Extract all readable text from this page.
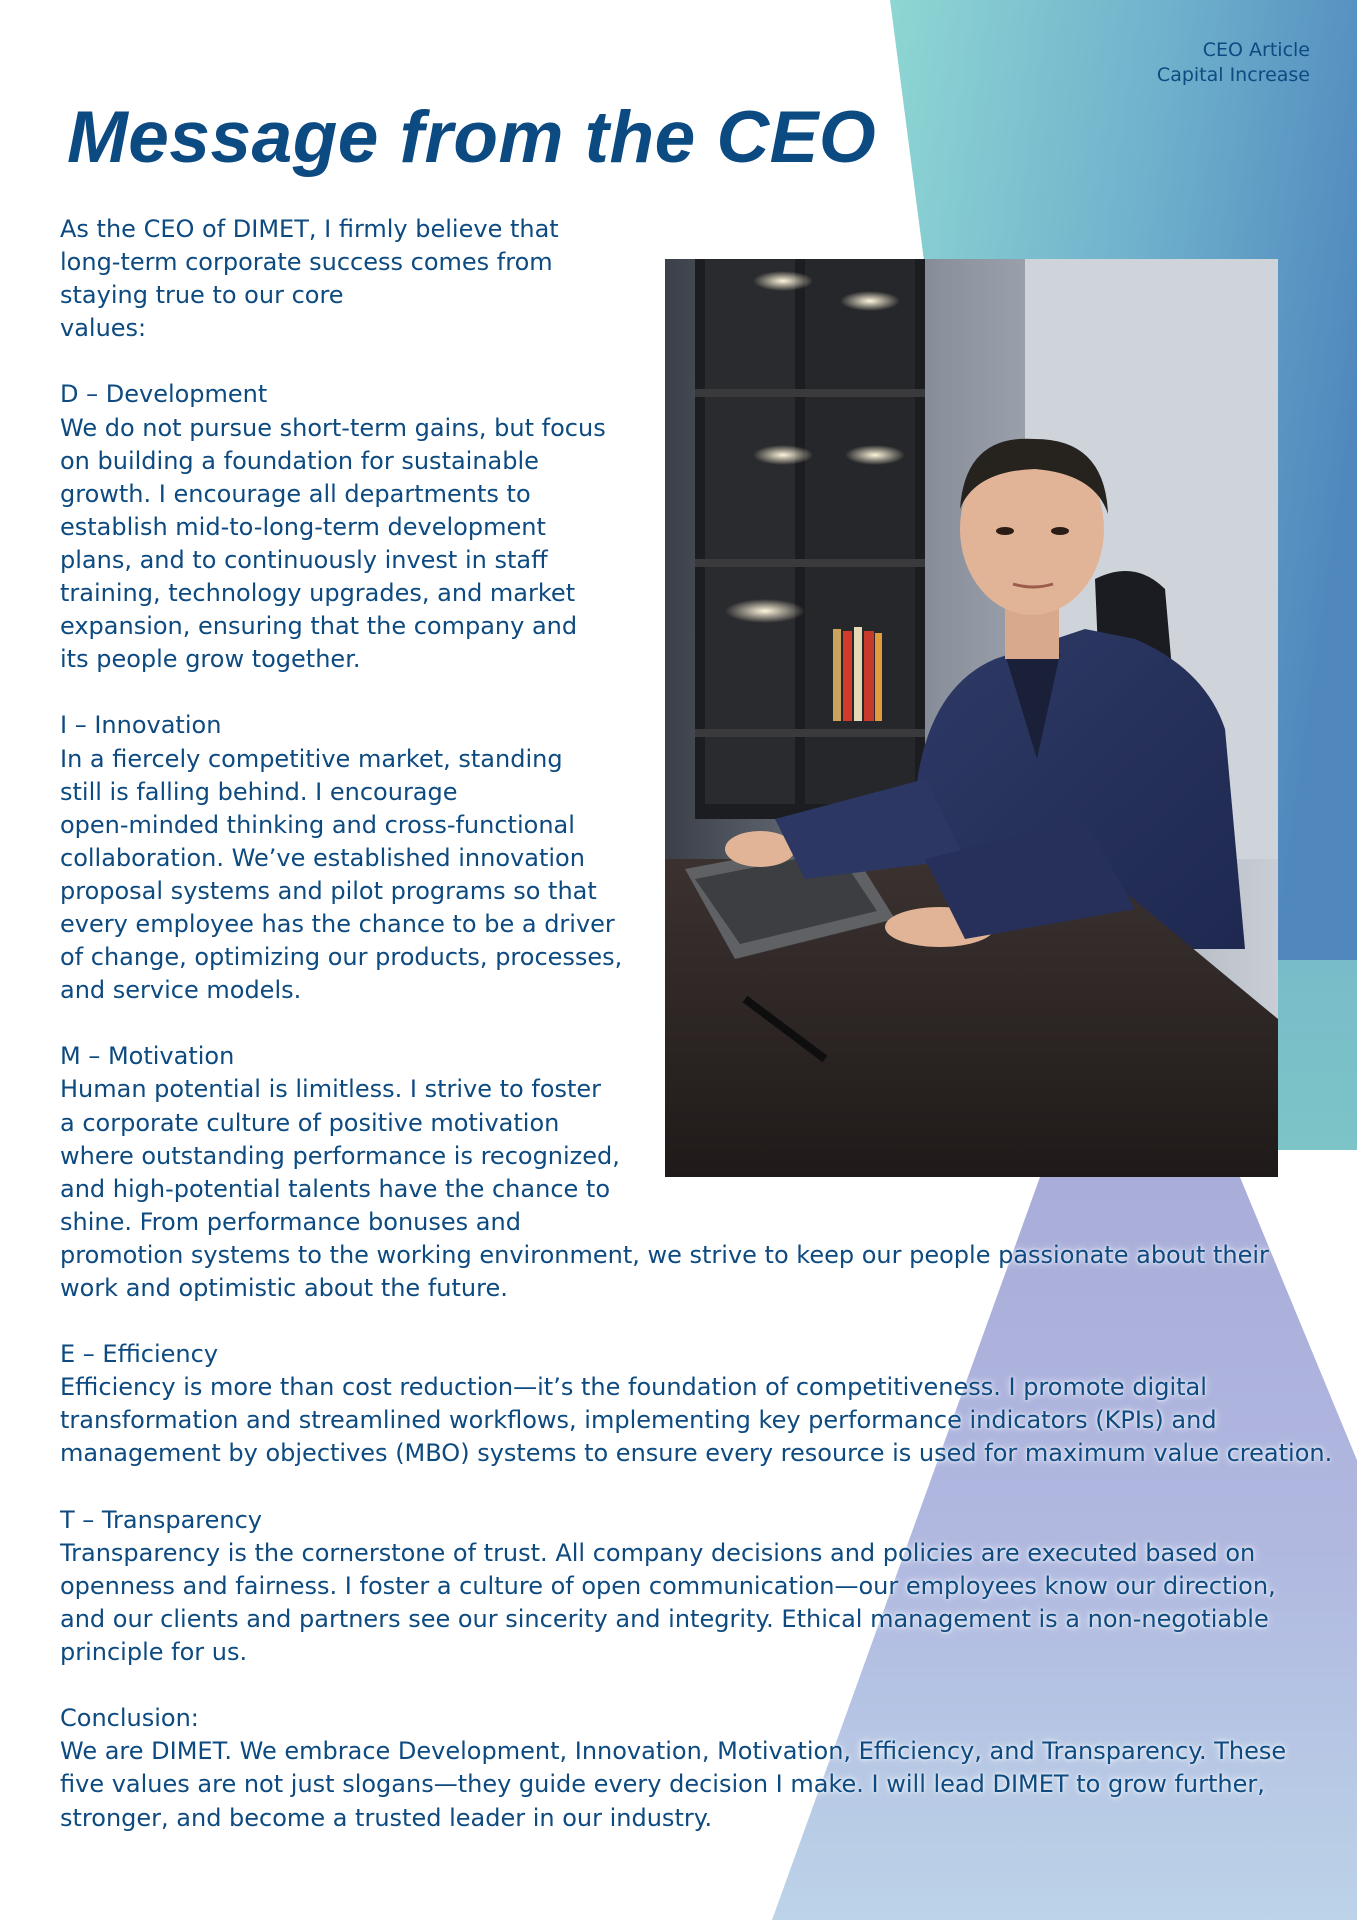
CEO Article
Capital Increase
Message from the CEO
As the CEO of DIMET, I firmly believe that
long-term corporate success comes from
staying true to our core
values:
D – Development
We do not pursue short-term gains, but focus
on building a foundation for sustainable
growth. I encourage all departments to
establish mid-to-long-term development
plans, and to continuously invest in staff
training, technology upgrades, and market
expansion, ensuring that the company and
its people grow together.
I – Innovation
In a fiercely competitive market, standing
still is falling behind. I encourage
open-minded thinking and cross-functional
collaboration. We’ve established innovation
proposal systems and pilot programs so that
every employee has the chance to be a driver
of change, optimizing our products, processes,
and service models.
M – Motivation
Human potential is limitless. I strive to foster
a corporate culture of positive motivation
where outstanding performance is recognized,
and high-potential talents have the chance to
shine. From performance bonuses and
promotion systems to the working environment, we strive to keep our people passionate about their
work and optimistic about the future.
E – Efficiency
Efficiency is more than cost reduction—it’s the foundation of competitiveness. I promote digital
transformation and streamlined workflows, implementing key performance indicators (KPIs) and
management by objectives (MBO) systems to ensure every resource is used for maximum value creation.
T – Transparency
Transparency is the cornerstone of trust. All company decisions and policies are executed based on
openness and fairness. I foster a culture of open communication—our employees know our direction,
and our clients and partners see our sincerity and integrity. Ethical management is a non-negotiable
principle for us.
Conclusion:
We are DIMET. We embrace Development, Innovation, Motivation, Efficiency, and Transparency. These
five values are not just slogans—they guide every decision I make. I will lead DIMET to grow further,
stronger, and become a trusted leader in our industry.
